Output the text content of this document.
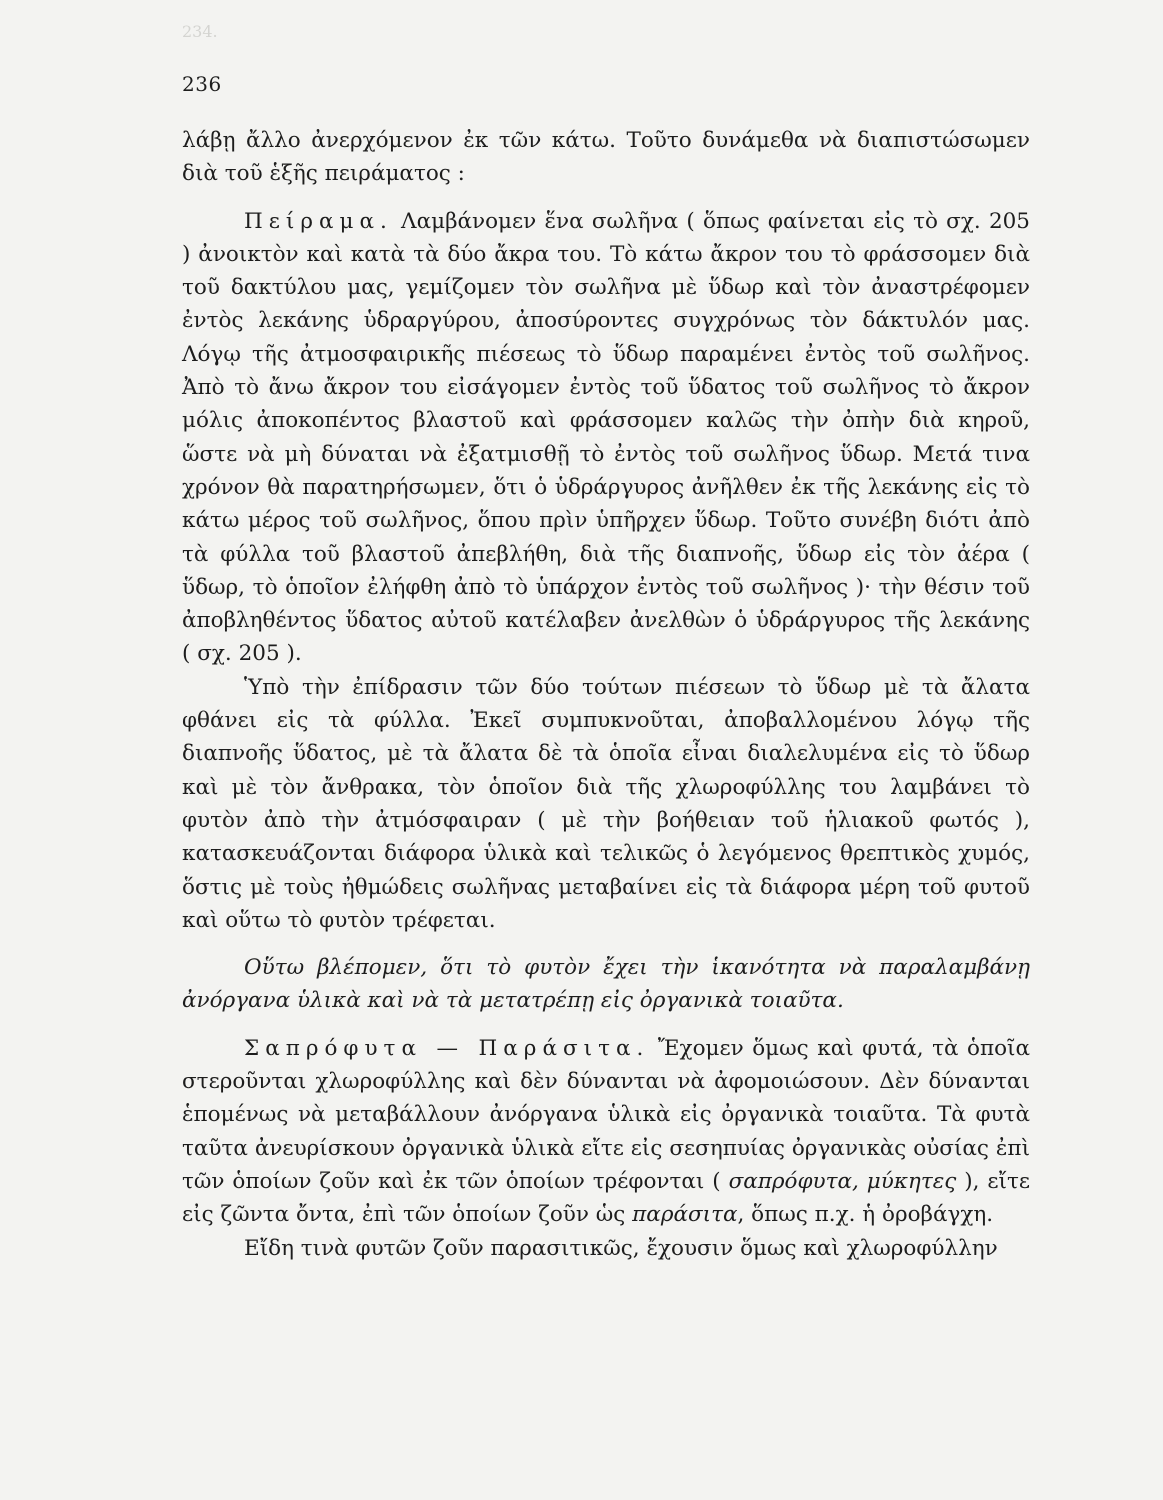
234.
236

λάβῃ ἄλλο ἀνερχόμενον ἐκ τῶν κάτω. Τοῦτο δυνάμεθα νὰ διαπιστώσωμεν διὰ τοῦ ἑξῆς πειράματος :

Πείραμα. Λαμβάνομεν ἕνα σωλῆνα ( ὅπως φαίνεται εἰς τὸ σχ. 205 ) ἀνοικτὸν καὶ κατὰ τὰ δύο ἄκρα του. Τὸ κάτω ἄκρον του τὸ φράσσομεν διὰ τοῦ δακτύλου μας, γεμίζομεν τὸν σωλῆνα μὲ ὕδωρ καὶ τὸν ἀναστρέφομεν ἐντὸς λεκάνης ὑδραργύρου, ἀποσύροντες συγχρόνως τὸν δάκτυλόν μας. Λόγῳ τῆς ἀτμοσφαιρικῆς πιέσεως τὸ ὕδωρ παραμένει ἐντὸς τοῦ σωλῆνος. Ἀπὸ τὸ ἄνω ἄκρον του εἰσάγομεν ἐντὸς τοῦ ὕδατος τοῦ σωλῆνος τὸ ἄκρον μόλις ἀποκοπέντος βλαστοῦ καὶ φράσσομεν καλῶς τὴν ὀπὴν διὰ κηροῦ, ὥστε νὰ μὴ δύναται νὰ ἐξατμισθῇ τὸ ἐντὸς τοῦ σωλῆνος ὕδωρ. Μετά τινα χρόνον θὰ παρατηρήσωμεν, ὅτι ὁ ὑδράργυρος ἀνῆλθεν ἐκ τῆς λεκάνης εἰς τὸ κάτω μέρος τοῦ σωλῆνος, ὅπου πρὶν ὑπῆρχεν ὕδωρ. Τοῦτο συνέβη διότι ἀπὸ τὰ φύλλα τοῦ βλαστοῦ ἀπεβλήθη, διὰ τῆς διαπνοῆς, ὕδωρ εἰς τὸν ἀέρα ( ὕδωρ, τὸ ὁποῖον ἐλήφθη ἀπὸ τὸ ὑπάρχον ἐντὸς τοῦ σωλῆνος )· τὴν θέσιν τοῦ ἀποβληθέντος ὕδατος αὐτοῦ κατέλαβεν ἀνελθὼν ὁ ὑδράργυρος τῆς λεκάνης ( σχ. 205 ).

Ὑπὸ τὴν ἐπίδρασιν τῶν δύο τούτων πιέσεων τὸ ὕδωρ μὲ τὰ ἄλατα φθάνει εἰς τὰ φύλλα. Ἐκεῖ συμπυκνοῦται, ἀποβαλλομένου λόγῳ τῆς διαπνοῆς ὕδατος, μὲ τὰ ἄλατα δὲ τὰ ὁποῖα εἶναι διαλελυμένα εἰς τὸ ὕδωρ καὶ μὲ τὸν ἄνθρακα, τὸν ὁποῖον διὰ τῆς χλωροφύλλης του λαμβάνει τὸ φυτὸν ἀπὸ τὴν ἀτμόσφαιραν ( μὲ τὴν βοήθειαν τοῦ ἡλιακοῦ φωτός ), κατασκευάζονται διάφορα ὑλικὰ καὶ τελικῶς ὁ λεγόμενος θρεπτικὸς χυμός, ὅστις μὲ τοὺς ἠθμώδεις σωλῆνας μεταβαίνει εἰς τὰ διάφορα μέρη τοῦ φυτοῦ καὶ οὕτω τὸ φυτὸν τρέφεται.

Οὕτω βλέπομεν, ὅτι τὸ φυτὸν ἔχει τὴν ἱκανότητα νὰ παραλαμβάνῃ ἀνόργανα ὑλικὰ καὶ νὰ τὰ μετατρέπῃ εἰς ὀργανικὰ τοιαῦτα.

Σαπρόφυτα — Παράσιτα. Ἔχομεν ὅμως καὶ φυτά, τὰ ὁποῖα στεροῦνται χλωροφύλλης καὶ δὲν δύνανται νὰ ἀφομοιώσουν. Δὲν δύνανται ἑπομένως νὰ μεταβάλλουν ἀνόργανα ὑλικὰ εἰς ὀργανικὰ τοιαῦτα. Τὰ φυτὰ ταῦτα ἀνευρίσκουν ὀργανικὰ ὑλικὰ εἴτε εἰς σεσηπυίας ὀργανικὰς οὐσίας ἐπὶ τῶν ὁποίων ζοῦν καὶ ἐκ τῶν ὁποίων τρέφονται ( σαπρόφυτα, μύκητες ), εἴτε εἰς ζῶντα ὄντα, ἐπὶ τῶν ὁποίων ζοῦν ὡς παράσιτα, ὅπως π.χ. ἡ ὀροβάγχη.

Εἴδη τινὰ φυτῶν ζοῦν παρασιτικῶς, ἔχουσιν ὅμως καὶ χλωροφύλλην
